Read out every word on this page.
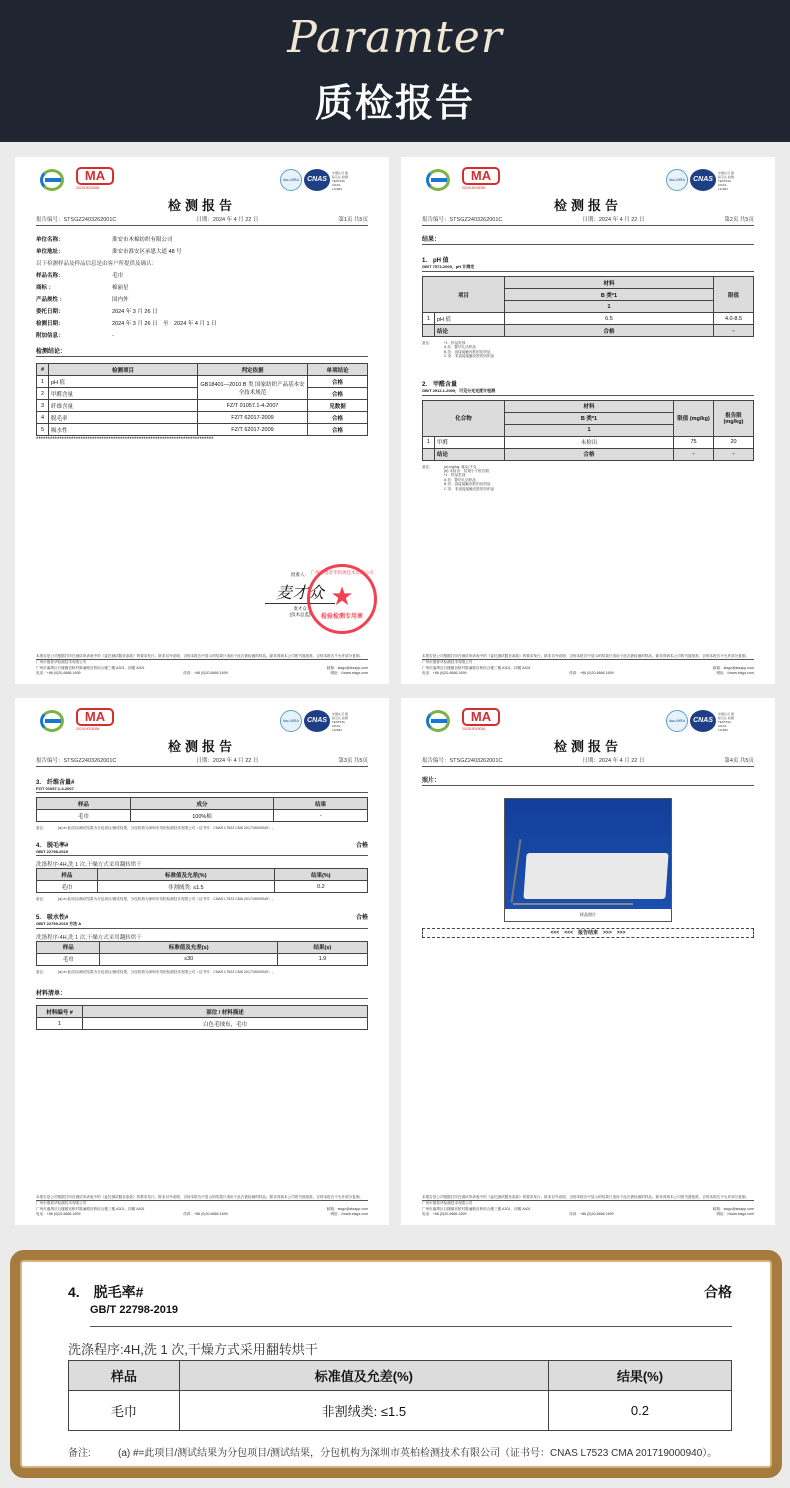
Paramter
质检报告
MA
202019015084
ilac-MRA	CNAS
中国认可 国际互认 检测 TESTING CNAS L11384
检测报告
报告编号：STSGZ2403262001C	日期：2024 年 4 月 22 日	第1页 共5页
本报告是公司根据打印在测试申请表中的《委托测试服务条款》的要求发行。除非另外说明，否则本报告中显示的结果只适用于此次被检测的样品。除非得到本公司的书面批准，否则本报告不允许部分复制。
广州市德普华检测技术有限公司
广州市番禺区石楼镇官桥村陈涌路官桥综合楼三楼 A301、四楼 A401	邮箱：stsgz@stsapp.com
电话：+86 (0)20-6666 1699	传真：+86 (0)20-6666 1699	网址：//www.stsgz.com
单位名称：	淮安市木棉纺织有限公司
单位地址：	淮安市淮安区承恩大道 48 号
以下检测样品及样品信息是由客户所提供及确认：
样品名称：	毛巾
商标 ：	棉丽星
产品规性 ：	国内外
委托日期：	2024 年 3 月 26 日
检测日期：	2024 年 3 月 26 日　至　2024 年 4 月 1 日
附加信息：	-
检测结论：
#	检测项目	判定依据	单项结论
1	pH 值	GB18401—2010 B 类 国家纺织产品基本安全技术规范	合格
2	甲醛含量		合格
3	纤维含量	FZ/T 01057.1-4-2007	见数据
4	脱毛率	FZ/T 62017-2009	合格
5	吸水性	FZ/T 62017-2009	合格
****************************************************************************
批准人：
麦才众
麦才众
(技术总监)
广州市德普华检测技术有限公司
★
检验检测专用章
MA
202019015084
ilac-MRA	CNAS
中国认可 国际互认 检测 TESTING CNAS L11384
检测报告
报告编号：STSGZ2403262001C	日期：2024 年 4 月 22 日	第2页 共5页
本报告是公司根据打印在测试申请表中的《委托测试服务条款》的要求发行。除非另外说明，否则本报告中显示的结果只适用于此次被检测的样品。除非得到本公司的书面批准，否则本报告不允许部分复制。
广州市德普华检测技术有限公司
广州市番禺区石楼镇官桥村陈涌路官桥综合楼三楼 A301、四楼 A401	邮箱：stsgz@stsapp.com
电话：+86 (0)20-6666 1699	传真：+86 (0)20-6666 1699	网址：//www.stsgz.com
结果：
1.　pH 值
GB/T 7573-2009，pH 计测定
项目		材料	限值
		B 类*1	
		1	
1	pH 值	6.5	4.0-8.5
	结论	合格	-
备注:	*1：样品类别
A 类：婴幼儿纺织品
B 类：直接接触皮肤的纺织品
C 类：非直接接触皮肤的纺织品
2.　甲醛含量
GB/T 2912.1-2009，可见分光光度计检测
化合物		材料	限值 (mg/kg)	报告限 (mg/kg)
		B 类*1		
		1		
1	甲醛	未检出	75	20
	结论	合格	-	-
备注:	(a) mg/kg: 毫克/千克
(b) 未检出：结果小于报告限
*1：样品类别
A 类：婴幼儿纺织品
B 类：直接接触皮肤的纺织品
C 类：非直接接触皮肤的纺织品
MA
202019015084
ilac-MRA	CNAS
中国认可 国际互认 检测 TESTING CNAS L11384
检测报告
报告编号：STSGZ2403262001C	日期：2024 年 4 月 22 日	第3页 共5页
本报告是公司根据打印在测试申请表中的《委托测试服务条款》的要求发行。除非另外说明，否则本报告中显示的结果只适用于此次被检测的样品。除非得到本公司的书面批准，否则本报告不允许部分复制。
广州市德普华检测技术有限公司
广州市番禺区石楼镇官桥村陈涌路官桥综合楼三楼 A301、四楼 A401	邮箱：stsgz@stsapp.com
电话：+86 (0)20-6666 1699	传真：+86 (0)20-6666 1699	网址：//www.stsgz.com
3.　纤维含量#
FZ/T 01057.1-4-2007
样品	成分	结果
毛巾	100%棉	-
备注:	(a) #=此项目/测试结果为分包项目/测试结果，分包机构为深圳市英柏检测技术有限公司（证书号：CNAS L7523 CMA 201719000940）。
4.　脱毛率#	合格
GB/T 22798-2019
洗涤程序:4H,洗 1 次,干燥方式采用翻转烘干
样品	标准值及允差(%)	结果(%)
毛巾	非割绒类: ≤1.5	0.2
备注:	(a) #=此项目/测试结果为分包项目/测试结果，分包机构为深圳市英柏检测技术有限公司（证书号：CNAS L7523 CMA 201719000940）。
5.　吸水性#	合格
GB/T 22799-2019 方法 A
洗涤程序:4H,洗 1 次,干燥方式采用翻转烘干
样品	标准值及允差(s)	结果(s)
毛巾	≤30	1.9
备注:	(a) #=此项目/测试结果为分包项目/测试结果，分包机构为深圳市英柏检测技术有限公司（证书号：CNAS L7523 CMA 201719000940）。
材料清单：
材料编号 #	部位 / 材料描述
1	白色毛绒布，毛巾
MA
202019015084
ilac-MRA	CNAS
中国认可 国际互认 检测 TESTING CNAS L11384
检测报告
报告编号：STSGZ2403262001C	日期：2024 年 4 月 22 日	第4页 共5页
本报告是公司根据打印在测试申请表中的《委托测试服务条款》的要求发行。除非另外说明，否则本报告中显示的结果只适用于此次被检测的样品。除非得到本公司的书面批准，否则本报告不允许部分复制。
广州市德普华检测技术有限公司
广州市番禺区石楼镇官桥村陈涌路官桥综合楼三楼 A301、四楼 A401	邮箱：stsgz@stsapp.com
电话：+86 (0)20-6666 1699	传真：+86 (0)20-6666 1699	网址：//www.stsgz.com
照片：
样品照片
<<<　<<<　报告结束　>>>　>>>
4.　脱毛率#	合格
GB/T 22798-2019
洗涤程序:4H,洗 1 次,干燥方式采用翻转烘干
样品	标准值及允差(%)	结果(%)
毛巾	非割绒类: ≤1.5	0.2
备注:	(a) #=此项目/测试结果为分包项目/测试结果，分包机构为深圳市英柏检测技术有限公司（证书号：CNAS L7523 CMA 201719000940）。
